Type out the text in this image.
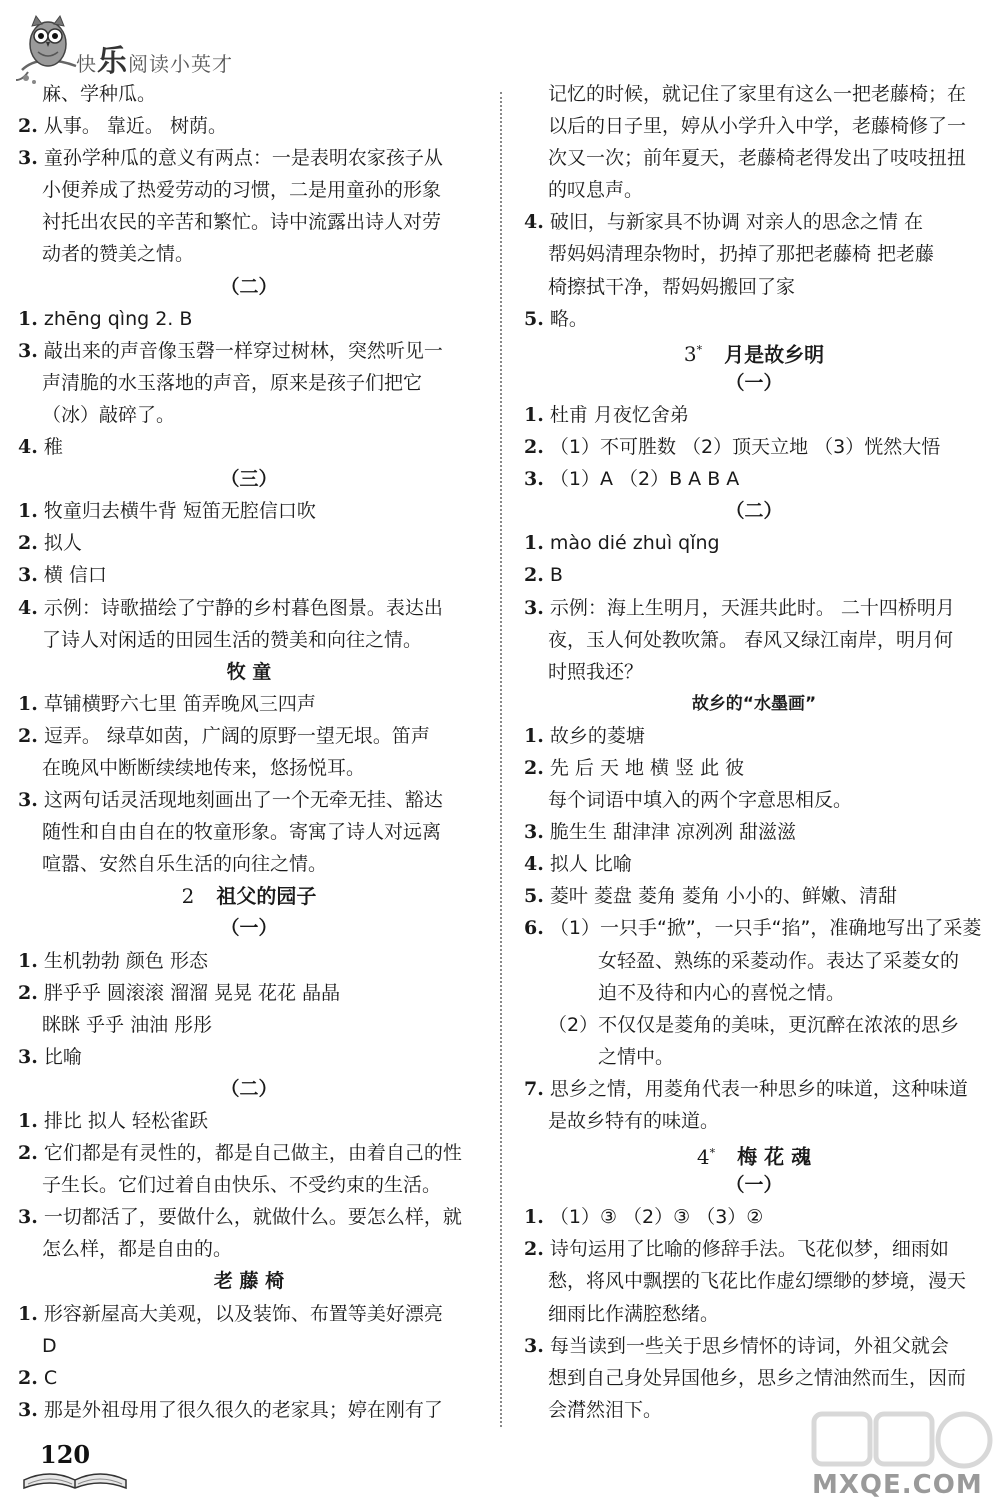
快乐阅读小英才
麻、学种瓜。
2. 从事。 靠近。 树荫。
3. 童孙学种瓜的意义有两点：一是表明农家孩子从
小便养成了热爱劳动的习惯，二是用童孙的形象
衬托出农民的辛苦和繁忙。诗中流露出诗人对劳
动者的赞美之情。
（二）
1. zhēng qìng 2. B
3. 敲出来的声音像玉磬一样穿过树林，突然听见一
声清脆的水玉落地的声音，原来是孩子们把它
（冰）敲碎了。
4. 稚
（三）
1. 牧童归去横牛背 短笛无腔信口吹
2. 拟人
3. 横 信口
4. 示例：诗歌描绘了宁静的乡村暮色图景。表达出
了诗人对闲适的田园生活的赞美和向往之情。
牧 童
1. 草铺横野六七里 笛弄晚风三四声
2. 逗弄。 绿草如茵，广阔的原野一望无垠。笛声
在晚风中断断续续地传来，悠扬悦耳。
3. 这两句话灵活现地刻画出了一个无牵无挂、豁达
随性和自由自在的牧童形象。寄寓了诗人对远离
喧嚣、安然自乐生活的向往之情。
2 祖父的园子
（一）
1. 生机勃勃 颜色 形态
2. 胖乎乎 圆滚滚 溜溜 晃晃 花花 晶晶
眯眯 乎乎 油油 彤彤
3. 比喻
（二）
1. 排比 拟人 轻松雀跃
2. 它们都是有灵性的，都是自己做主，由着自己的性
子生长。它们过着自由快乐、不受约束的生活。
3. 一切都活了，要做什么，就做什么。要怎么样，就
怎么样，都是自由的。
老 藤 椅
1. 形容新屋高大美观，以及装饰、布置等美好漂亮
D
2. C
3. 那是外祖母用了很久很久的老家具；婷在刚有了
记忆的时候，就记住了家里有这么一把老藤椅；在
以后的日子里，婷从小学升入中学，老藤椅修了一
次又一次；前年夏天，老藤椅老得发出了吱吱扭扭
的叹息声。
4. 破旧，与新家具不协调 对亲人的思念之情 在
帮妈妈清理杂物时，扔掉了那把老藤椅 把老藤
椅擦拭干净，帮妈妈搬回了家
5. 略。
3* 月是故乡明
（一）
1. 杜甫 月夜忆舍弟
2. （1）不可胜数 （2）顶天立地 （3）恍然大悟
3. （1）A （2）B A B A
（二）
1. mào dié zhuì qǐng
2. B
3. 示例：海上生明月，天涯共此时。 二十四桥明月
夜，玉人何处教吹箫。 春风又绿江南岸，明月何
时照我还？
故乡的“水墨画”
1. 故乡的菱塘
2. 先 后 天 地 横 竖 此 彼
每个词语中填入的两个字意思相反。
3. 脆生生 甜津津 凉冽冽 甜滋滋
4. 拟人 比喻
5. 菱叶 菱盘 菱角 菱角 小小的、鲜嫩、清甜
6. （1）一只手“掀”，一只手“掐”，准确地写出了采菱
女轻盈、熟练的采菱动作。表达了采菱女的
迫不及待和内心的喜悦之情。
（2）不仅仅是菱角的美味，更沉醉在浓浓的思乡
之情中。
7. 思乡之情，用菱角代表一种思乡的味道，这种味道
是故乡特有的味道。
4* 梅 花 魂
（一）
1. （1）③ （2）③ （3）②
2. 诗句运用了比喻的修辞手法。飞花似梦，细雨如
愁，将风中飘摆的飞花比作虚幻缥缈的梦境，漫天
细雨比作满腔愁绪。
3. 每当读到一些关于思乡情怀的诗词，外祖父就会
想到自己身处异国他乡，思乡之情油然而生，因而
会潸然泪下。
120
MXQE.COM
